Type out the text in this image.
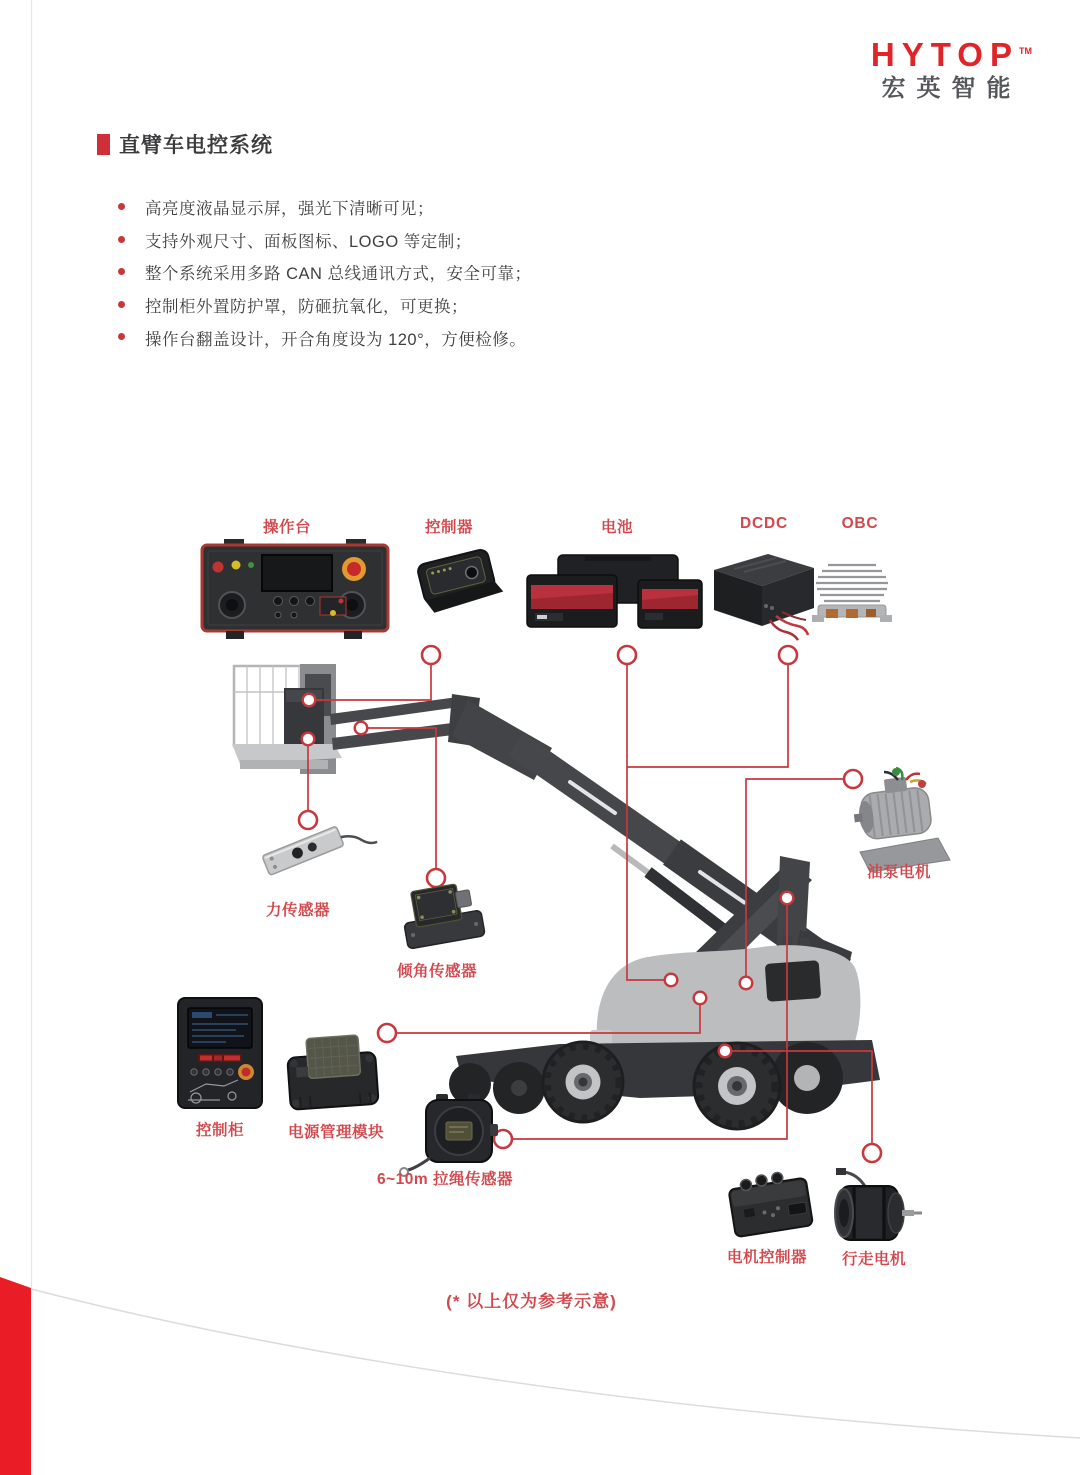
HYTOP™
宏英智能
直臂车电控系统
高亮度液晶显示屏，强光下清晰可见；
支持外观尺寸、面板图标、LOGO 等定制；
整个系统采用多路 CAN 总线通讯方式，安全可靠；
控制柜外置防护罩，防砸抗氧化，可更换；
操作台翻盖设计，开合角度设为 120°，方便检修。
操作台	控制器	电池	DCDC	OBC
力传感器
倾角传感器
油泵电机
控制柜	电源管理模块
6~10m 拉绳传感器
电机控制器	行走电机
(* 以上仅为参考示意)
